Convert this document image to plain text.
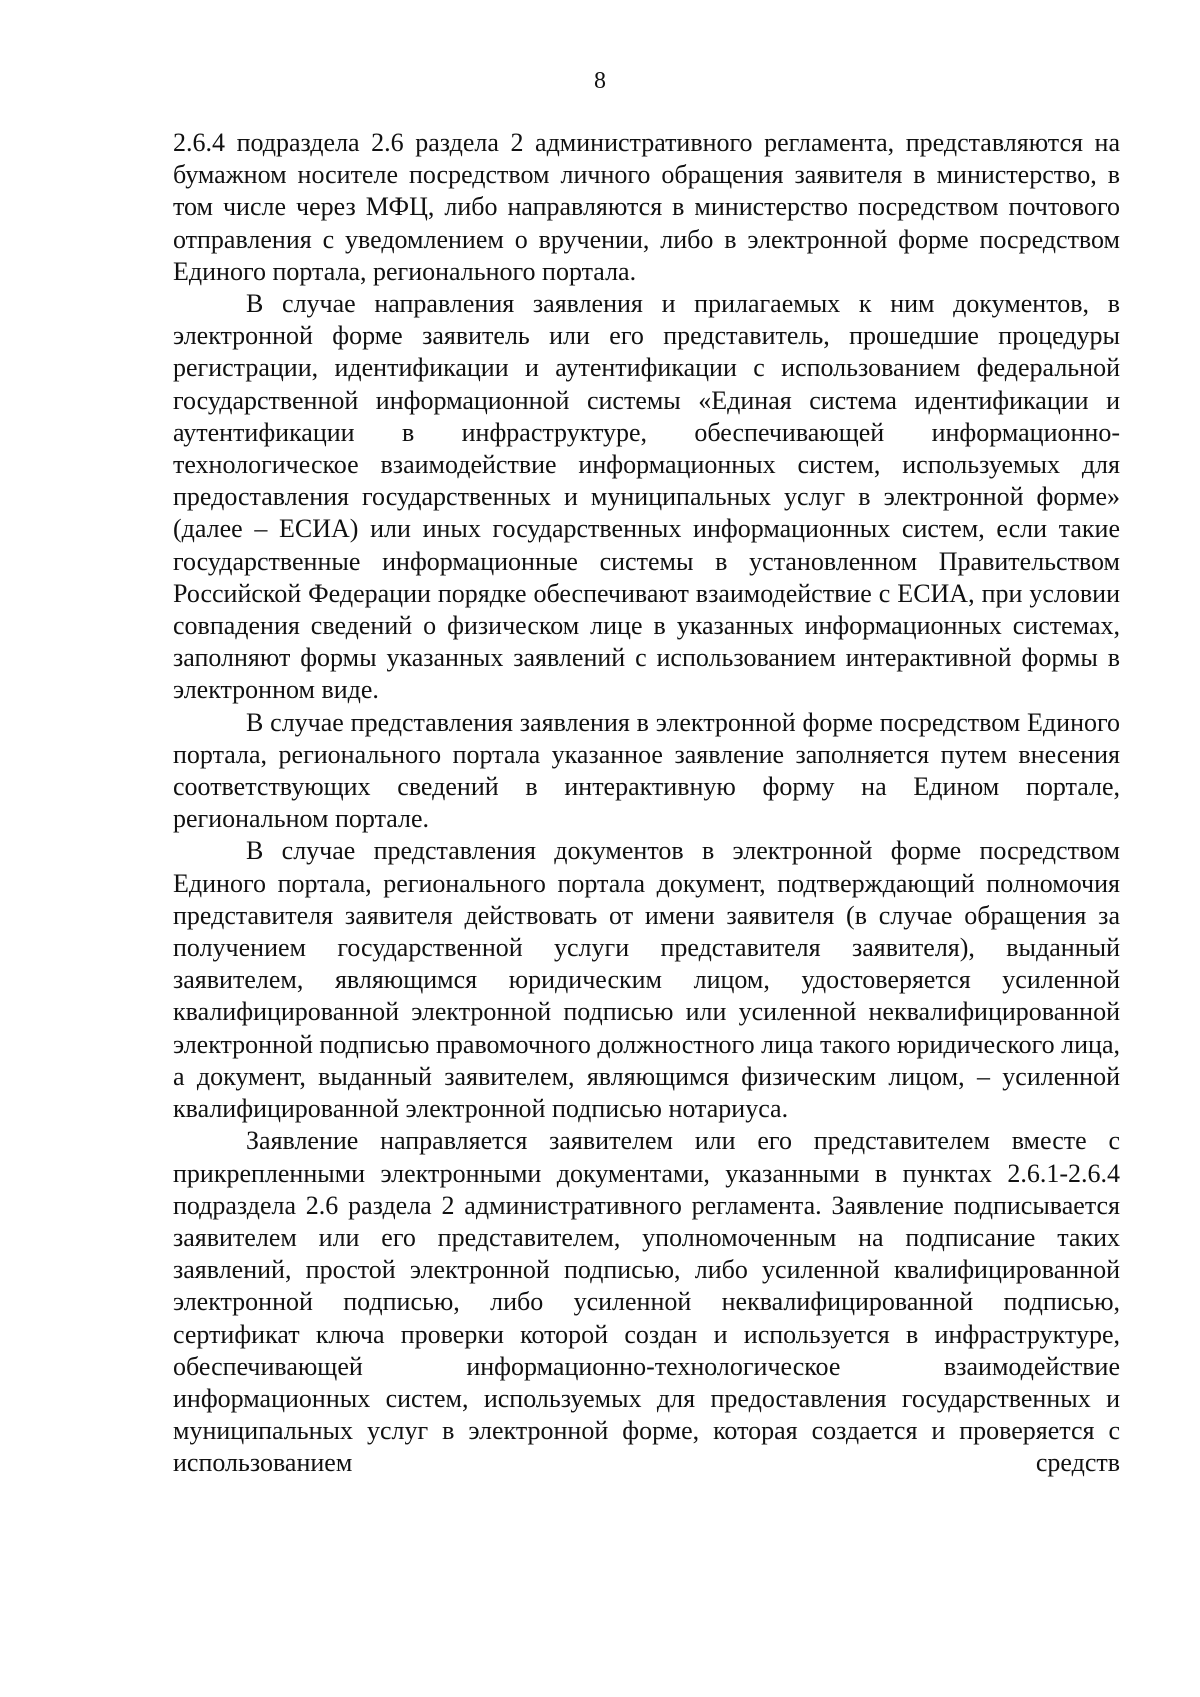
8

2.6.4 подраздела 2.6 раздела 2 административного регламента, представляются на бумажном носителе посредством личного обращения заявителя в министерство, в том числе через МФЦ, либо направляются в министерство посредством почтового отправления с уведомлением о вручении, либо в электронной форме посредством Единого портала, регионального портала.

В случае направления заявления и прилагаемых к ним документов, в электронной форме заявитель или его представитель, прошедшие процедуры регистрации, идентификации и аутентификации с использованием федеральной государственной информационной системы «Единая система идентификации и аутентификации в инфраструктуре, обеспечивающей информационно-технологическое взаимодействие информационных систем, используемых для предоставления государственных и муниципальных услуг в электронной форме» (далее – ЕСИА) или иных государственных информационных систем, если такие государственные информационные системы в установленном Правительством Российской Федерации порядке обеспечивают взаимодействие с ЕСИА, при условии совпадения сведений о физическом лице в указанных информационных системах, заполняют формы указанных заявлений с использованием интерактивной формы в электронном виде.

В случае представления заявления в электронной форме посредством Единого портала, регионального портала указанное заявление заполняется путем внесения соответствующих сведений в интерактивную форму на Едином портале, региональном портале.

В случае представления документов в электронной форме посредством Единого портала, регионального портала документ, подтверждающий полномочия представителя заявителя действовать от имени заявителя (в случае обращения за получением государственной услуги представителя заявителя), выданный заявителем, являющимся юридическим лицом, удостоверяется усиленной квалифицированной электронной подписью или усиленной неквалифицированной электронной подписью правомочного должностного лица такого юридического лица, а документ, выданный заявителем, являющимся физическим лицом, – усиленной квалифицированной электронной подписью нотариуса.

Заявление направляется заявителем или его представителем вместе с прикрепленными электронными документами, указанными в пунктах 2.6.1-2.6.4 подраздела 2.6 раздела 2 административного регламента. Заявление подписывается заявителем или его представителем, уполномоченным на подписание таких заявлений, простой электронной подписью, либо усиленной квалифицированной электронной подписью, либо усиленной неквалифицированной подписью, сертификат ключа проверки которой создан и используется в инфраструктуре, обеспечивающей информационно-технологическое взаимодействие информационных систем, используемых для предоставления государственных и муниципальных услуг в электронной форме, которая создается и проверяется с использованием средств
